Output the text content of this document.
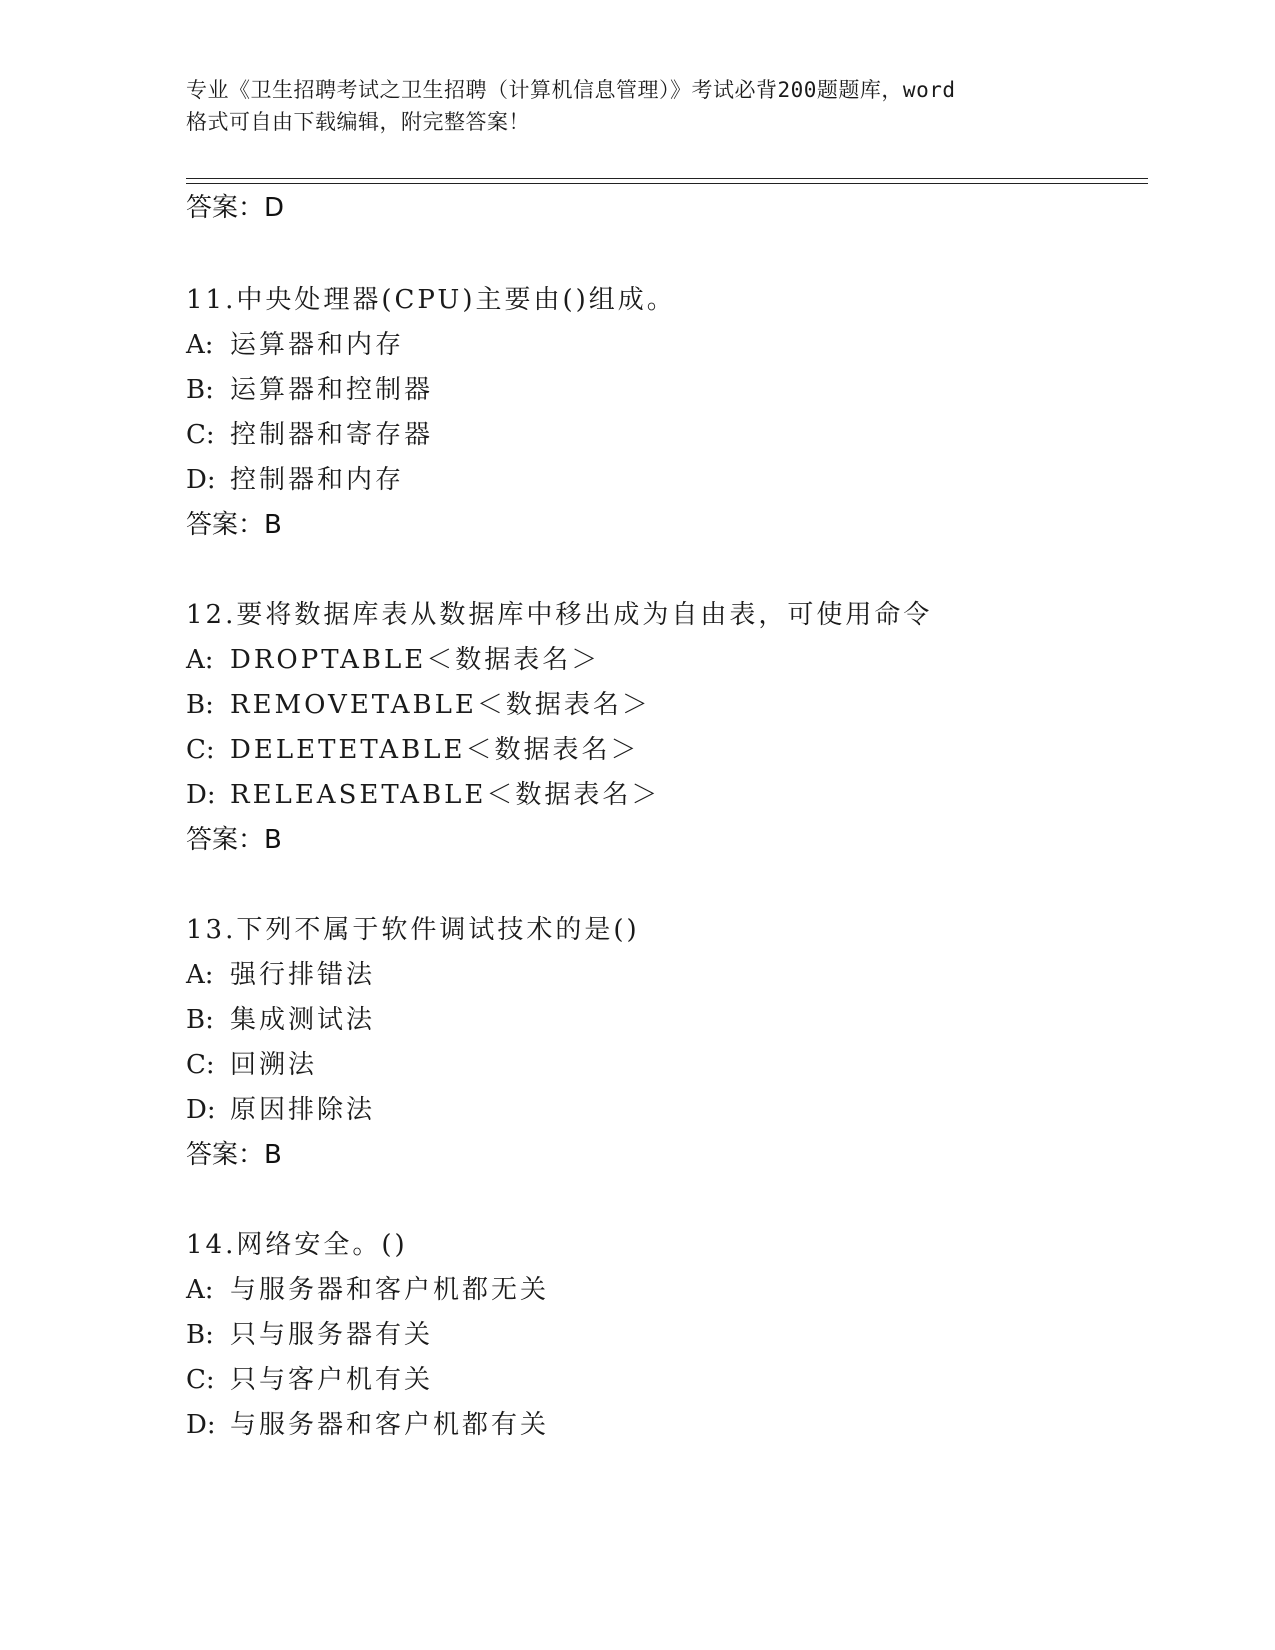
专业《卫生招聘考试之卫生招聘（计算机信息管理）》考试必背200题题库，word
格式可自由下载编辑，附完整答案！
答案：D
11.中央处理器(CPU)主要由()组成。
A: 运算器和内存
B: 运算器和控制器
C: 控制器和寄存器
D: 控制器和内存
答案：B
12.要将数据库表从数据库中移出成为自由表，可使用命令
A: DROPTABLE＜数据表名＞
B: REMOVETABLE＜数据表名＞
C: DELETETABLE＜数据表名＞
D: RELEASETABLE＜数据表名＞
答案：B
13.下列不属于软件调试技术的是()
A: 强行排错法
B: 集成测试法
C: 回溯法
D: 原因排除法
答案：B
14.网络安全。()
A: 与服务器和客户机都无关
B: 只与服务器有关
C: 只与客户机有关
D: 与服务器和客户机都有关
